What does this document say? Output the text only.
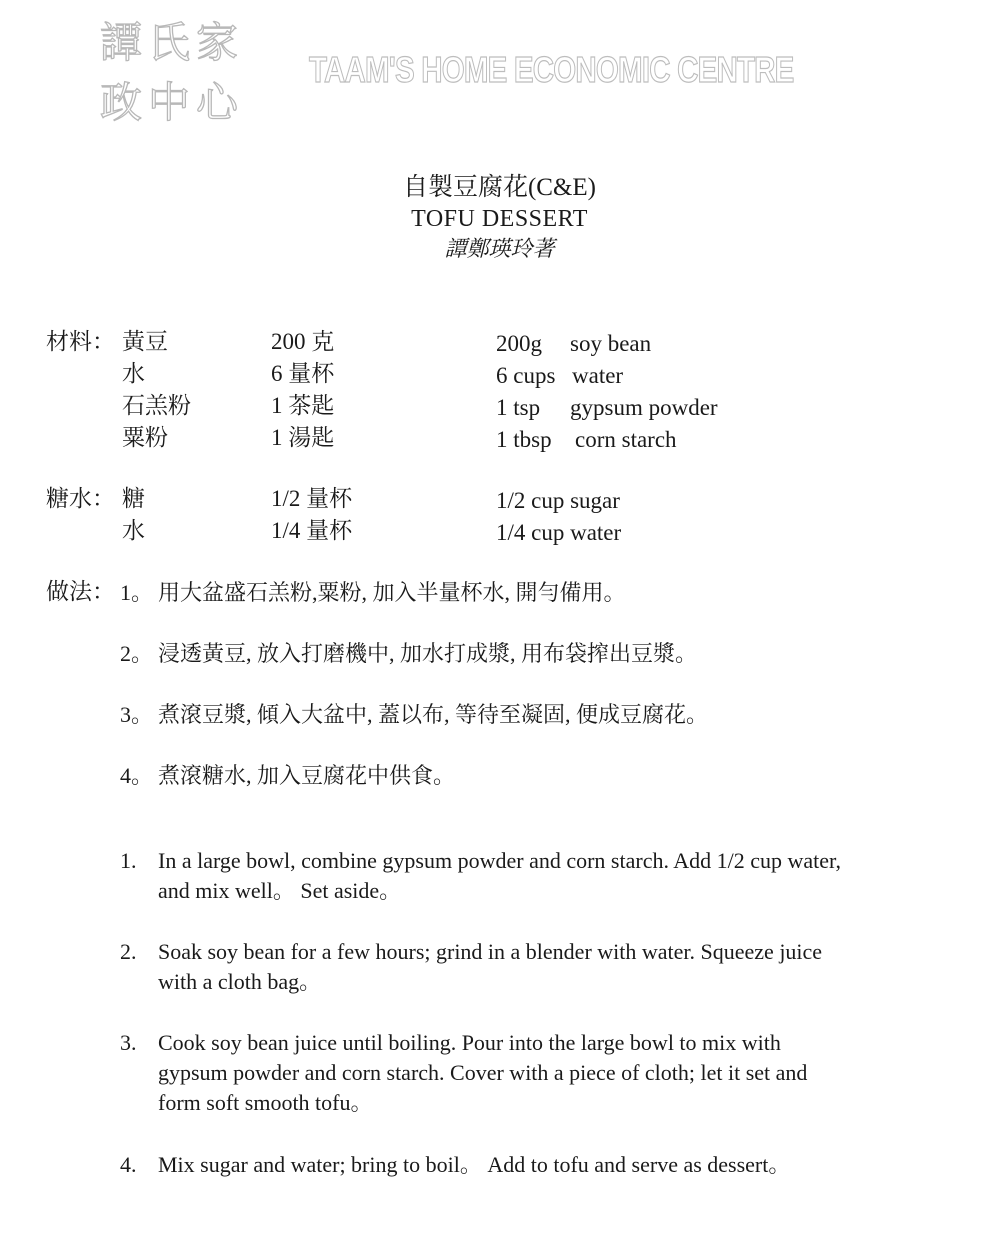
譚氏家政中心
TAAM'S HOME ECONOMIC CENTRE
自製豆腐花(C&E)
TOFU DESSERT
譚鄭瑛玲著
材料： 黃豆	200 克	200g soy bean
水	6 量杯	6 cups water
石羔粉	1 茶匙	1 tsp gypsum powder
粟粉	1 湯匙	1 tbsp corn starch
糖水： 糖	1/2 量杯	1/2 cup sugar
水	1/4 量杯	1/4 cup water
做法： 1。 用大盆盛石羔粉,粟粉, 加入半量杯水, 開勻備用。
2。 浸透黃豆, 放入打磨機中, 加水打成漿, 用布袋搾出豆漿。
3。 煮滾豆漿, 傾入大盆中, 蓋以布, 等待至凝固, 便成豆腐花。
4。 煮滾糖水, 加入豆腐花中供食。
1. In a large bowl, combine gypsum powder and corn starch. Add 1/2 cup water,
and mix well。 Set aside。
2. Soak soy bean for a few hours; grind in a blender with water. Squeeze juice
with a cloth bag。
3. Cook soy bean juice until boiling. Pour into the large bowl to mix with
gypsum powder and corn starch. Cover with a piece of cloth; let it set and
form soft smooth tofu。
4. Mix sugar and water; bring to boil。 Add to tofu and serve as dessert。
